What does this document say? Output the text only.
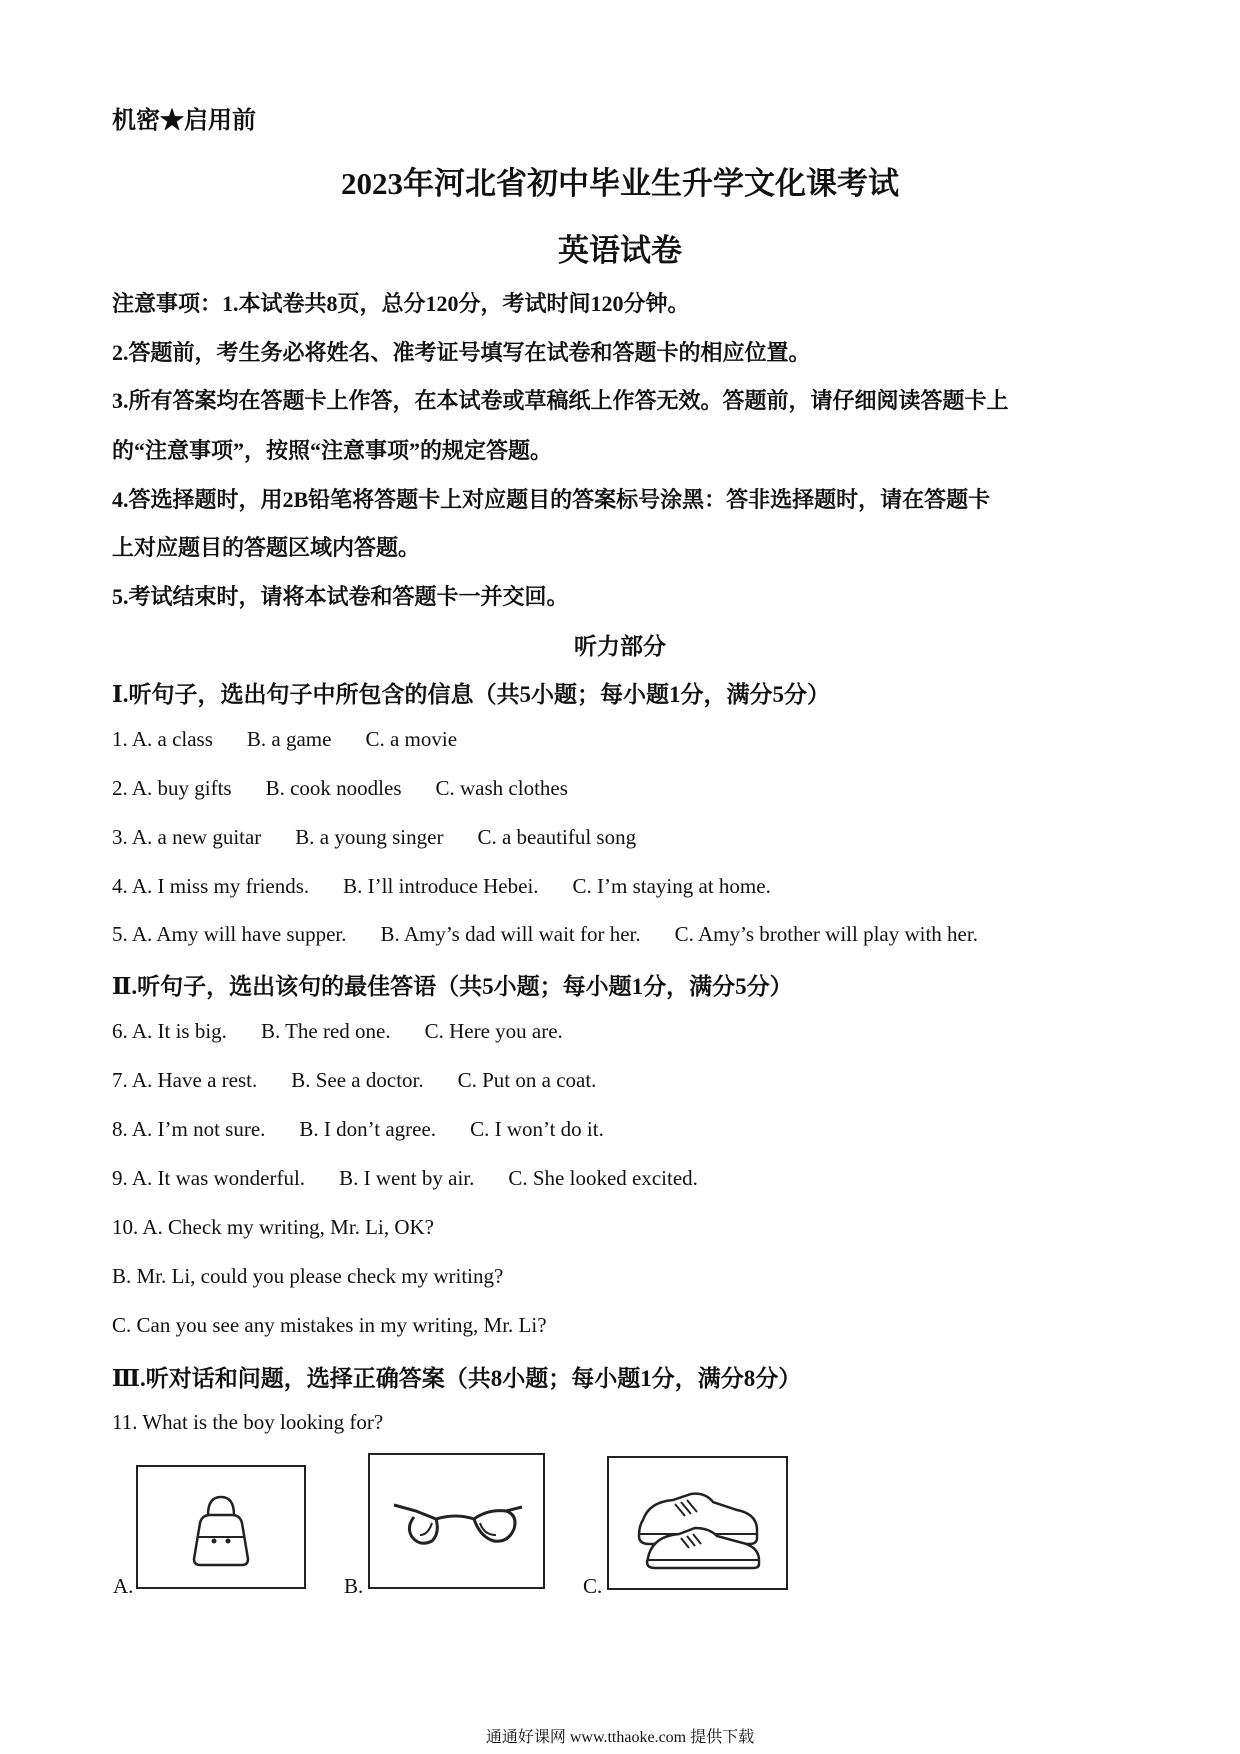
机密★启用前
2023年河北省初中毕业生升学文化课考试
英语试卷
注意事项：1.本试卷共8页，总分120分，考试时间120分钟。
2.答题前，考生务必将姓名、准考证号填写在试卷和答题卡的相应位置。
3.所有答案均在答题卡上作答，在本试卷或草稿纸上作答无效。答题前，请仔细阅读答题卡上
的“注意事项”，按照“注意事项”的规定答题。
4.答选择题时，用2B铅笔将答题卡上对应题目的答案标号涂黑：答非选择题时，请在答题卡
上对应题目的答题区域内答题。
5.考试结束时，请将本试卷和答题卡一并交回。
听力部分
Ⅰ.听句子，选出句子中所包含的信息（共5小题；每小题1分，满分5分）
1. A. a class B. a game C. a movie
2. A. buy gifts B. cook noodles C. wash clothes
3. A. a new guitar B. a young singer C. a beautiful song
4. A. I miss my friends. B. I’ll introduce Hebei. C. I’m staying at home.
5. A. Amy will have supper. B. Amy’s dad will wait for her. C. Amy’s brother will play with her.
Ⅱ.听句子，选出该句的最佳答语（共5小题；每小题1分，满分5分）
6. A. It is big. B. The red one. C. Here you are.
7. A. Have a rest. B. See a doctor. C. Put on a coat.
8. A. I’m not sure. B. I don’t agree. C. I won’t do it.
9. A. It was wonderful. B. I went by air. C. She looked excited.
10. A. Check my writing, Mr. Li, OK?
B. Mr. Li, could you please check my writing?
C. Can you see any mistakes in my writing, Mr. Li?
Ⅲ.听对话和问题，选择正确答案（共8小题；每小题1分，满分8分）
11. What is the boy looking for?
A.	B.	C.
通通好课网 www.tthaoke.com 提供下载
